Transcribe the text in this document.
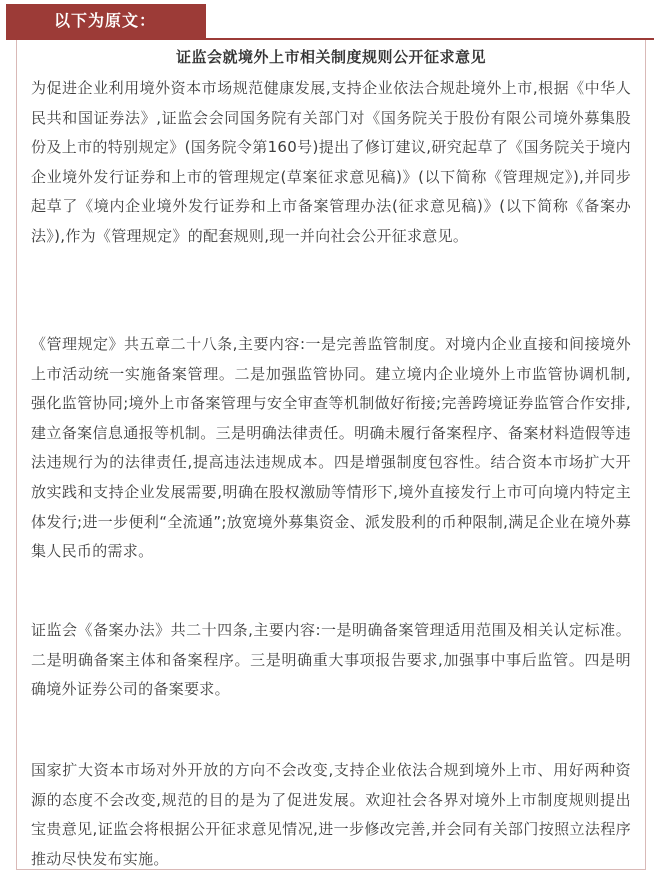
以下为原文：
证监会就境外上市相关制度规则公开征求意见

为促进企业利用境外资本市场规范健康发展,支持企业依法合规赴境外上市,根据《中华人民共和国证券法》,证监会会同国务院有关部门对《国务院关于股份有限公司境外募集股份及上市的特别规定》(国务院令第160号)提出了修订建议,研究起草了《国务院关于境内企业境外发行证券和上市的管理规定(草案征求意见稿)》(以下简称《管理规定》),并同步起草了《境内企业境外发行证券和上市备案管理办法(征求意见稿)》(以下简称《备案办法》),作为《管理规定》的配套规则,现一并向社会公开征求意见。

《管理规定》共五章二十八条,主要内容:一是完善监管制度。对境内企业直接和间接境外上市活动统一实施备案管理。二是加强监管协同。建立境内企业境外上市监管协调机制,强化监管协同;境外上市备案管理与安全审查等机制做好衔接;完善跨境证券监管合作安排,建立备案信息通报等机制。三是明确法律责任。明确未履行备案程序、备案材料造假等违法违规行为的法律责任,提高违法违规成本。四是增强制度包容性。结合资本市场扩大开放实践和支持企业发展需要,明确在股权激励等情形下,境外直接发行上市可向境内特定主体发行;进一步便利“全流通”;放宽境外募集资金、派发股利的币种限制,满足企业在境外募集人民币的需求。

证监会《备案办法》共二十四条,主要内容:一是明确备案管理适用范围及相关认定标准。二是明确备案主体和备案程序。三是明确重大事项报告要求,加强事中事后监管。四是明确境外证券公司的备案要求。

国家扩大资本市场对外开放的方向不会改变,支持企业依法合规到境外上市、用好两种资源的态度不会改变,规范的目的是为了促进发展。欢迎社会各界对境外上市制度规则提出宝贵意见,证监会将根据公开征求意见情况,进一步修改完善,并会同有关部门按照立法程序推动尽快发布实施。
